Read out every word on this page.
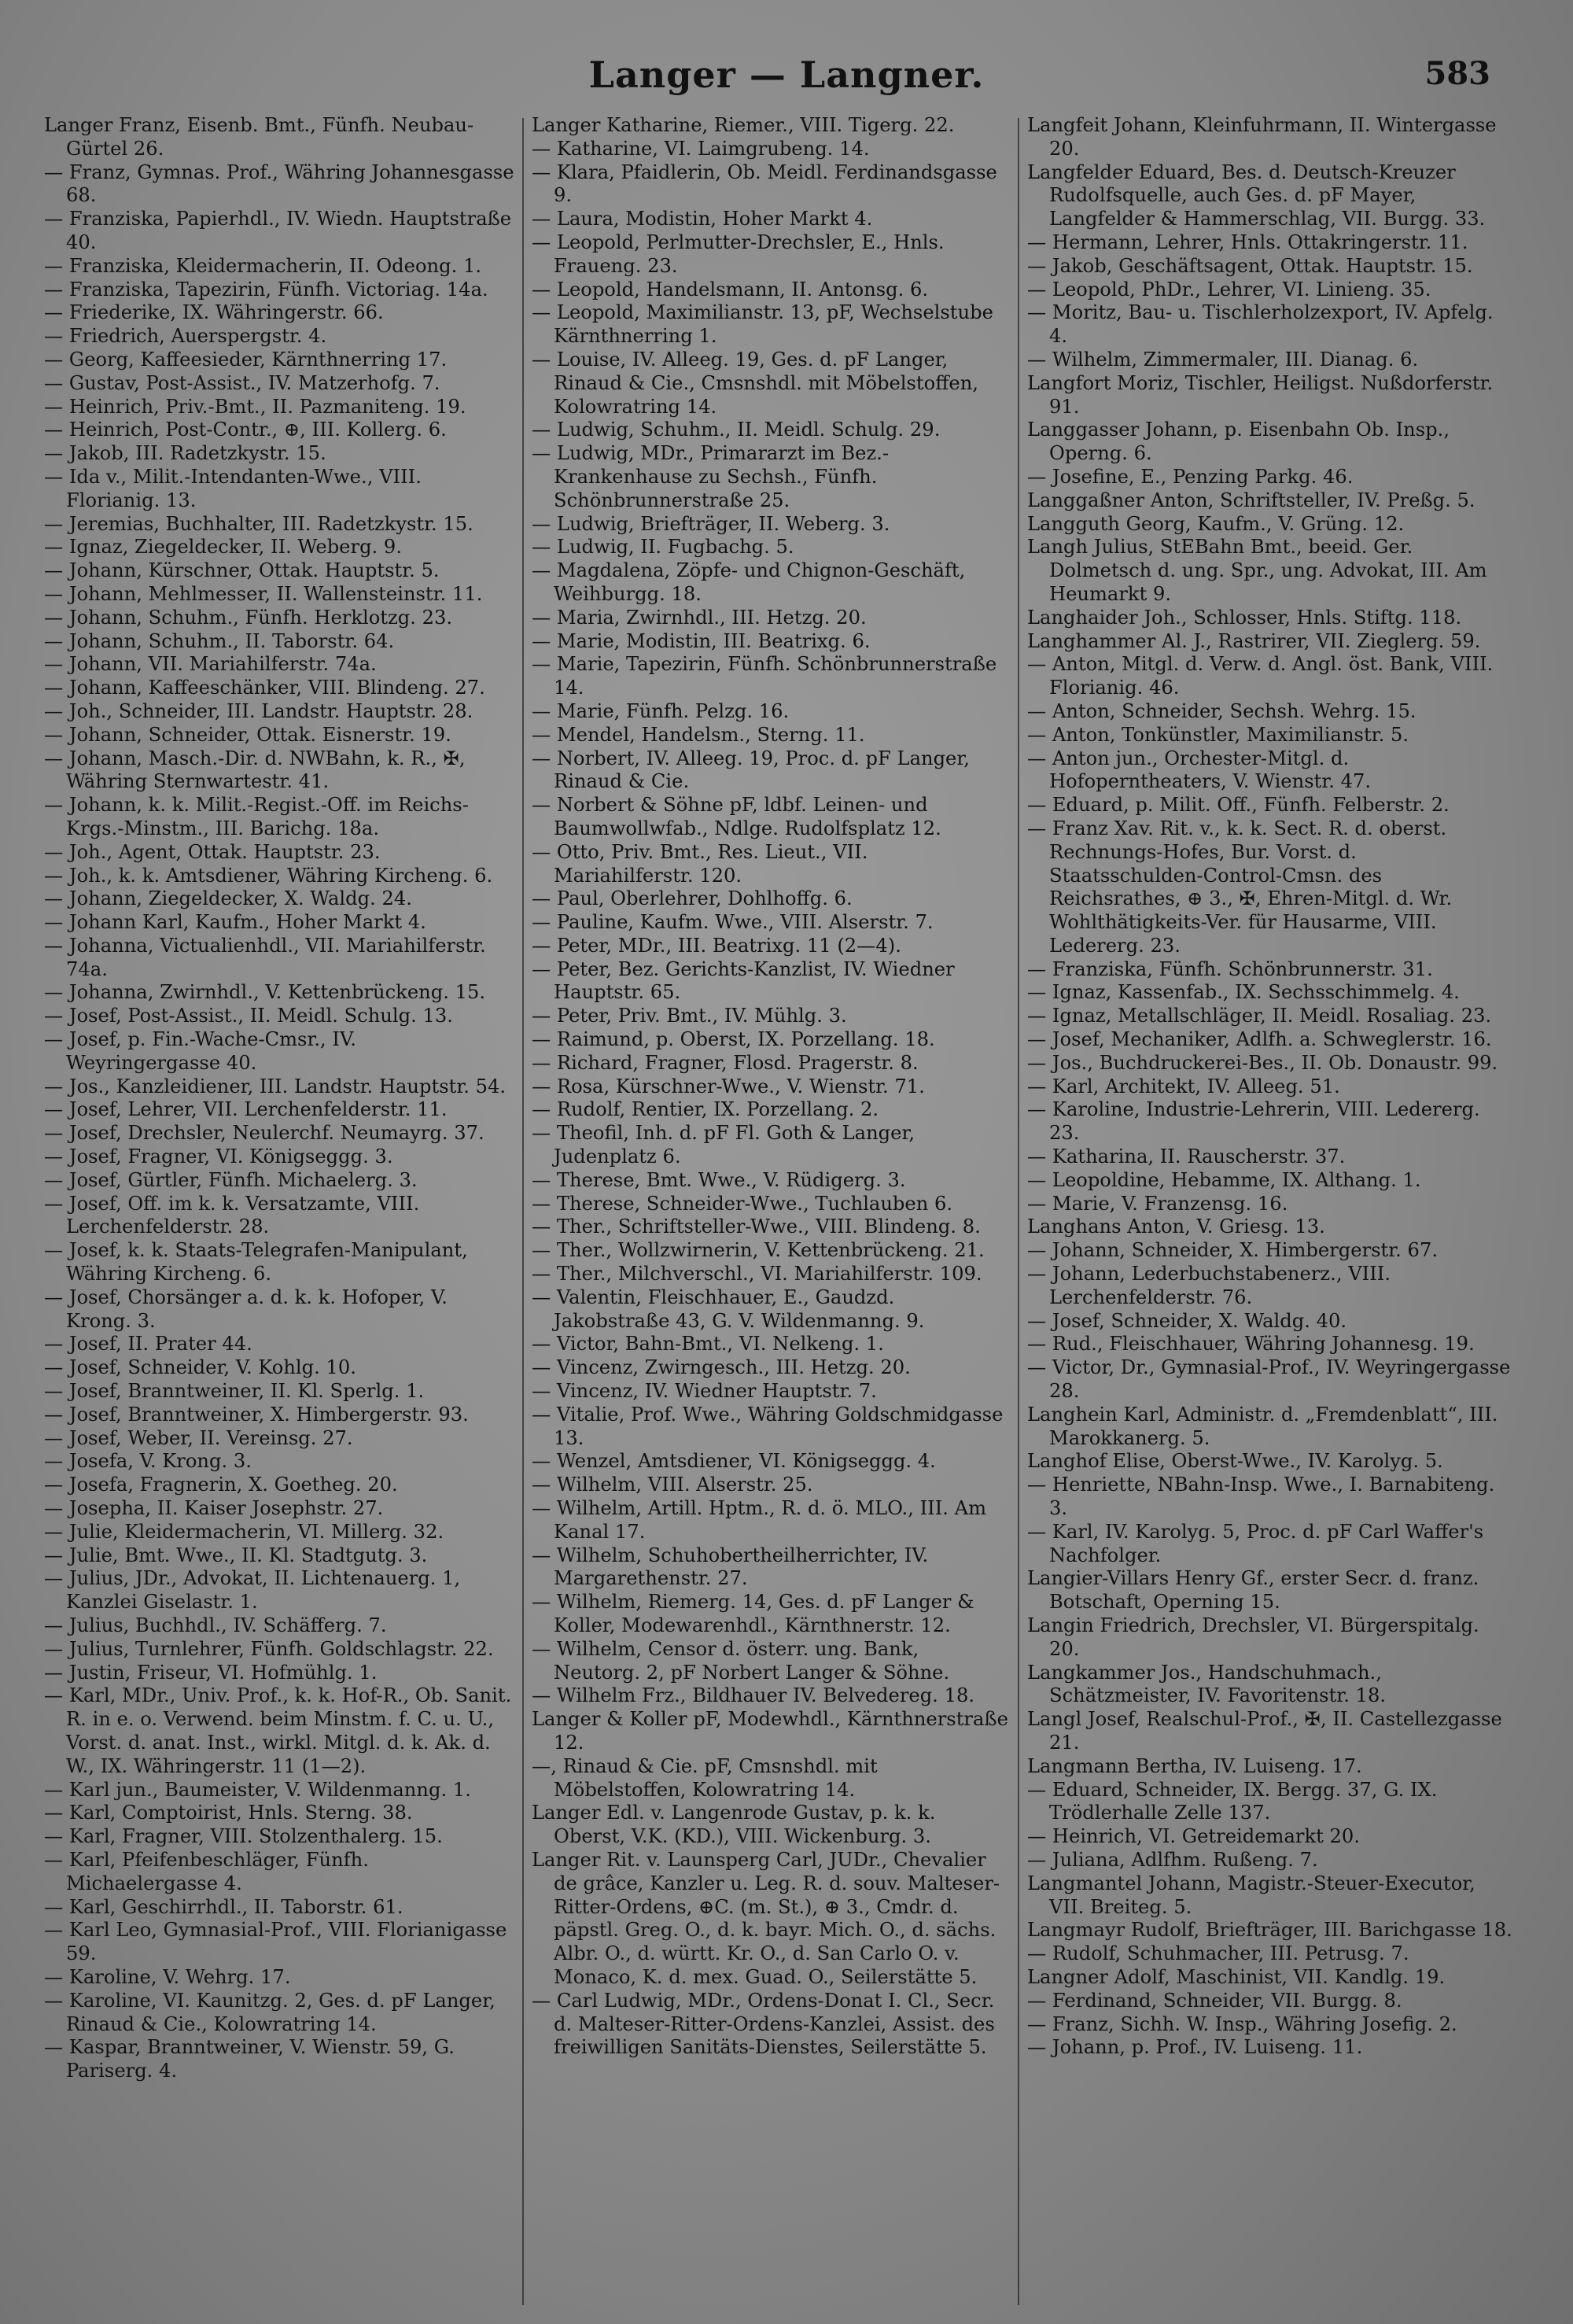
Langer — Langner.	583

Langer Franz, Eisenb. Bmt., Fünfh. Neubau-Gürtel 26.

— Franz, Gymnas. Prof., Währing Johannesgasse 68.

— Franziska, Papierhdl., IV. Wiedn. Hauptstraße 40.

— Franziska, Kleidermacherin, II. Odeong. 1.

— Franziska, Tapezirin, Fünfh. Victoriag. 14a.

— Friederike, IX. Währingerstr. 66.

— Friedrich, Auerspergstr. 4.

— Georg, Kaffeesieder, Kärnthnerring 17.

— Gustav, Post-Assist., IV. Matzerhofg. 7.

— Heinrich, Priv.-Bmt., II. Pazmaniteng. 19.

— Heinrich, Post-Contr., ⊕, III. Kollerg. 6.

— Jakob, III. Radetzkystr. 15.

— Ida v., Milit.-Intendanten-Wwe., VIII. Florianig. 13.

— Jeremias, Buchhalter, III. Radetzkystr. 15.

— Ignaz, Ziegeldecker, II. Weberg. 9.

— Johann, Kürschner, Ottak. Hauptstr. 5.

— Johann, Mehlmesser, II. Wallensteinstr. 11.

— Johann, Schuhm., Fünfh. Herklotzg. 23.

— Johann, Schuhm., II. Taborstr. 64.

— Johann, VII. Mariahilferstr. 74a.

— Johann, Kaffeeschänker, VIII. Blindeng. 27.

— Joh., Schneider, III. Landstr. Hauptstr. 28.

— Johann, Schneider, Ottak. Eisnerstr. 19.

— Johann, Masch.-Dir. d. NWBahn, k. R., ✠, Währing Sternwartestr. 41.

— Johann, k. k. Milit.-Regist.-Off. im Reichs-Krgs.-Minstm., III. Barichg. 18a.

— Joh., Agent, Ottak. Hauptstr. 23.

— Joh., k. k. Amtsdiener, Währing Kircheng. 6.

— Johann, Ziegeldecker, X. Waldg. 24.

— Johann Karl, Kaufm., Hoher Markt 4.

— Johanna, Victualienhdl., VII. Mariahilferstr. 74a.

— Johanna, Zwirnhdl., V. Kettenbrückeng. 15.

— Josef, Post-Assist., II. Meidl. Schulg. 13.

— Josef, p. Fin.-Wache-Cmsr., IV. Weyringergasse 40.

— Jos., Kanzleidiener, III. Landstr. Hauptstr. 54.

— Josef, Lehrer, VII. Lerchenfelderstr. 11.

— Josef, Drechsler, Neulerchf. Neumayrg. 37.

— Josef, Fragner, VI. Königseggg. 3.

— Josef, Gürtler, Fünfh. Michaelerg. 3.

— Josef, Off. im k. k. Versatzamte, VIII. Lerchenfelderstr. 28.

— Josef, k. k. Staats-Telegrafen-Manipulant, Währing Kircheng. 6.

— Josef, Chorsänger a. d. k. k. Hofoper, V. Krong. 3.

— Josef, II. Prater 44.

— Josef, Schneider, V. Kohlg. 10.

— Josef, Branntweiner, II. Kl. Sperlg. 1.

— Josef, Branntweiner, X. Himbergerstr. 93.

— Josef, Weber, II. Vereinsg. 27.

— Josefa, V. Krong. 3.

— Josefa, Fragnerin, X. Goetheg. 20.

— Josepha, II. Kaiser Josephstr. 27.

— Julie, Kleidermacherin, VI. Millerg. 32.

— Julie, Bmt. Wwe., II. Kl. Stadtgutg. 3.

— Julius, JDr., Advokat, II. Lichtenauerg. 1, Kanzlei Giselastr. 1.

— Julius, Buchhdl., IV. Schäfferg. 7.

— Julius, Turnlehrer, Fünfh. Goldschlagstr. 22.

— Justin, Friseur, VI. Hofmühlg. 1.

— Karl, MDr., Univ. Prof., k. k. Hof-R., Ob. Sanit. R. in e. o. Verwend. beim Minstm. f. C. u. U., Vorst. d. anat. Inst., wirkl. Mitgl. d. k. Ak. d. W., IX. Währingerstr. 11 (1—2).

— Karl jun., Baumeister, V. Wildenmanng. 1.

— Karl, Comptoirist, Hnls. Sterng. 38.

— Karl, Fragner, VIII. Stolzenthalerg. 15.

— Karl, Pfeifenbeschläger, Fünfh. Michaelergasse 4.

— Karl, Geschirrhdl., II. Taborstr. 61.

— Karl Leo, Gymnasial-Prof., VIII. Florianigasse 59.

— Karoline, V. Wehrg. 17.

— Karoline, VI. Kaunitzg. 2, Ges. d. pF Langer, Rinaud & Cie., Kolowratring 14.

— Kaspar, Branntweiner, V. Wienstr. 59, G. Pariserg. 4.

Langer Katharine, Riemer., VIII. Tigerg. 22.

— Katharine, VI. Laimgrubeng. 14.

— Klara, Pfaidlerin, Ob. Meidl. Ferdinandsgasse 9.

— Laura, Modistin, Hoher Markt 4.

— Leopold, Perlmutter-Drechsler, E., Hnls. Fraueng. 23.

— Leopold, Handelsmann, II. Antonsg. 6.

— Leopold, Maximilianstr. 13, pF, Wechselstube Kärnthnerring 1.

— Louise, IV. Alleeg. 19, Ges. d. pF Langer, Rinaud & Cie., Cmsnshdl. mit Möbelstoffen, Kolowratring 14.

— Ludwig, Schuhm., II. Meidl. Schulg. 29.

— Ludwig, MDr., Primararzt im Bez.-Krankenhause zu Sechsh., Fünfh. Schönbrunnerstraße 25.

— Ludwig, Briefträger, II. Weberg. 3.

— Ludwig, II. Fugbachg. 5.

— Magdalena, Zöpfe- und Chignon-Geschäft, Weihburgg. 18.

— Maria, Zwirnhdl., III. Hetzg. 20.

— Marie, Modistin, III. Beatrixg. 6.

— Marie, Tapezirin, Fünfh. Schönbrunnerstraße 14.

— Marie, Fünfh. Pelzg. 16.

— Mendel, Handelsm., Sterng. 11.

— Norbert, IV. Alleeg. 19, Proc. d. pF Langer, Rinaud & Cie.

— Norbert & Söhne pF, ldbf. Leinen- und Baumwollwfab., Ndlge. Rudolfsplatz 12.

— Otto, Priv. Bmt., Res. Lieut., VII. Mariahilferstr. 120.

— Paul, Oberlehrer, Dohlhoffg. 6.

— Pauline, Kaufm. Wwe., VIII. Alserstr. 7.

— Peter, MDr., III. Beatrixg. 11 (2—4).

— Peter, Bez. Gerichts-Kanzlist, IV. Wiedner Hauptstr. 65.

— Peter, Priv. Bmt., IV. Mühlg. 3.

— Raimund, p. Oberst, IX. Porzellang. 18.

— Richard, Fragner, Flosd. Pragerstr. 8.

— Rosa, Kürschner-Wwe., V. Wienstr. 71.

— Rudolf, Rentier, IX. Porzellang. 2.

— Theofil, Inh. d. pF Fl. Goth & Langer, Judenplatz 6.

— Therese, Bmt. Wwe., V. Rüdigerg. 3.

— Therese, Schneider-Wwe., Tuchlauben 6.

— Ther., Schriftsteller-Wwe., VIII. Blindeng. 8.

— Ther., Wollzwirnerin, V. Kettenbrückeng. 21.

— Ther., Milchverschl., VI. Mariahilferstr. 109.

— Valentin, Fleischhauer, E., Gaudzd. Jakobstraße 43, G. V. Wildenmanng. 9.

— Victor, Bahn-Bmt., VI. Nelkeng. 1.

— Vincenz, Zwirngesch., III. Hetzg. 20.

— Vincenz, IV. Wiedner Hauptstr. 7.

— Vitalie, Prof. Wwe., Währing Goldschmidgasse 13.

— Wenzel, Amtsdiener, VI. Königseggg. 4.

— Wilhelm, VIII. Alserstr. 25.

— Wilhelm, Artill. Hptm., R. d. ö. MLO., III. Am Kanal 17.

— Wilhelm, Schuhobertheilherrichter, IV. Margarethenstr. 27.

— Wilhelm, Riemerg. 14, Ges. d. pF Langer & Koller, Modewarenhdl., Kärnthnerstr. 12.

— Wilhelm, Censor d. österr. ung. Bank, Neutorg. 2, pF Norbert Langer & Söhne.

— Wilhelm Frz., Bildhauer IV. Belvedereg. 18.

Langer & Koller pF, Modewhdl., Kärnthnerstraße 12.

—, Rinaud & Cie. pF, Cmsnshdl. mit Möbelstoffen, Kolowratring 14.

Langer Edl. v. Langenrode Gustav, p. k. k. Oberst, V.K. (KD.), VIII. Wickenburg. 3.

Langer Rit. v. Launsperg Carl, JUDr., Chevalier de grâce, Kanzler u. Leg. R. d. souv. Malteser-Ritter-Ordens, ⊕C. (m. St.), ⊕ 3., Cmdr. d. päpstl. Greg. O., d. k. bayr. Mich. O., d. sächs. Albr. O., d. württ. Kr. O., d. San Carlo O. v. Monaco, K. d. mex. Guad. O., Seilerstätte 5.

— Carl Ludwig, MDr., Ordens-Donat I. Cl., Secr. d. Malteser-Ritter-Ordens-Kanzlei, Assist. des freiwilligen Sanitäts-Dienstes, Seilerstätte 5.

Langfeit Johann, Kleinfuhrmann, II. Wintergasse 20.

Langfelder Eduard, Bes. d. Deutsch-Kreuzer Rudolfsquelle, auch Ges. d. pF Mayer, Langfelder & Hammerschlag, VII. Burgg. 33.

— Hermann, Lehrer, Hnls. Ottakringerstr. 11.

— Jakob, Geschäftsagent, Ottak. Hauptstr. 15.

— Leopold, PhDr., Lehrer, VI. Linieng. 35.

— Moritz, Bau- u. Tischlerholzexport, IV. Apfelg. 4.

— Wilhelm, Zimmermaler, III. Dianag. 6.

Langfort Moriz, Tischler, Heiligst. Nußdorferstr. 91.

Langgasser Johann, p. Eisenbahn Ob. Insp., Operng. 6.

— Josefine, E., Penzing Parkg. 46.

Langgaßner Anton, Schriftsteller, IV. Preßg. 5.

Langguth Georg, Kaufm., V. Grüng. 12.

Langh Julius, StEBahn Bmt., beeid. Ger. Dolmetsch d. ung. Spr., ung. Advokat, III. Am Heumarkt 9.

Langhaider Joh., Schlosser, Hnls. Stiftg. 118.

Langhammer Al. J., Rastrirer, VII. Zieglerg. 59.

— Anton, Mitgl. d. Verw. d. Angl. öst. Bank, VIII. Florianig. 46.

— Anton, Schneider, Sechsh. Wehrg. 15.

— Anton, Tonkünstler, Maximilianstr. 5.

— Anton jun., Orchester-Mitgl. d. Hofoperntheaters, V. Wienstr. 47.

— Eduard, p. Milit. Off., Fünfh. Felberstr. 2.

— Franz Xav. Rit. v., k. k. Sect. R. d. oberst. Rechnungs-Hofes, Bur. Vorst. d. Staatsschulden-Control-Cmsn. des Reichsrathes, ⊕ 3., ✠, Ehren-Mitgl. d. Wr. Wohlthätigkeits-Ver. für Hausarme, VIII. Ledererg. 23.

— Franziska, Fünfh. Schönbrunnerstr. 31.

— Ignaz, Kassenfab., IX. Sechsschimmelg. 4.

— Ignaz, Metallschläger, II. Meidl. Rosaliag. 23.

— Josef, Mechaniker, Adlfh. a. Schweglerstr. 16.

— Jos., Buchdruckerei-Bes., II. Ob. Donaustr. 99.

— Karl, Architekt, IV. Alleeg. 51.

— Karoline, Industrie-Lehrerin, VIII. Ledererg. 23.

— Katharina, II. Rauscherstr. 37.

— Leopoldine, Hebamme, IX. Althang. 1.

— Marie, V. Franzensg. 16.

Langhans Anton, V. Griesg. 13.

— Johann, Schneider, X. Himbergerstr. 67.

— Johann, Lederbuchstabenerz., VIII. Lerchenfelderstr. 76.

— Josef, Schneider, X. Waldg. 40.

— Rud., Fleischhauer, Währing Johannesg. 19.

— Victor, Dr., Gymnasial-Prof., IV. Weyringergasse 28.

Langhein Karl, Administr. d. „Fremdenblatt“, III. Marokkanerg. 5.

Langhof Elise, Oberst-Wwe., IV. Karolyg. 5.

— Henriette, NBahn-Insp. Wwe., I. Barnabiteng. 3.

— Karl, IV. Karolyg. 5, Proc. d. pF Carl Waffer's Nachfolger.

Langier-Villars Henry Gf., erster Secr. d. franz. Botschaft, Operning 15.

Langin Friedrich, Drechsler, VI. Bürgerspitalg. 20.

Langkammer Jos., Handschuhmach., Schätzmeister, IV. Favoritenstr. 18.

Langl Josef, Realschul-Prof., ✠, II. Castellezgasse 21.

Langmann Bertha, IV. Luiseng. 17.

— Eduard, Schneider, IX. Bergg. 37, G. IX. Trödlerhalle Zelle 137.

— Heinrich, VI. Getreidemarkt 20.

— Juliana, Adlfhm. Rußeng. 7.

Langmantel Johann, Magistr.-Steuer-Executor, VII. Breiteg. 5.

Langmayr Rudolf, Briefträger, III. Barichgasse 18.

— Rudolf, Schuhmacher, III. Petrusg. 7.

Langner Adolf, Maschinist, VII. Kandlg. 19.

— Ferdinand, Schneider, VII. Burgg. 8.

— Franz, Sichh. W. Insp., Währing Josefig. 2.

— Johann, p. Prof., IV. Luiseng. 11.
